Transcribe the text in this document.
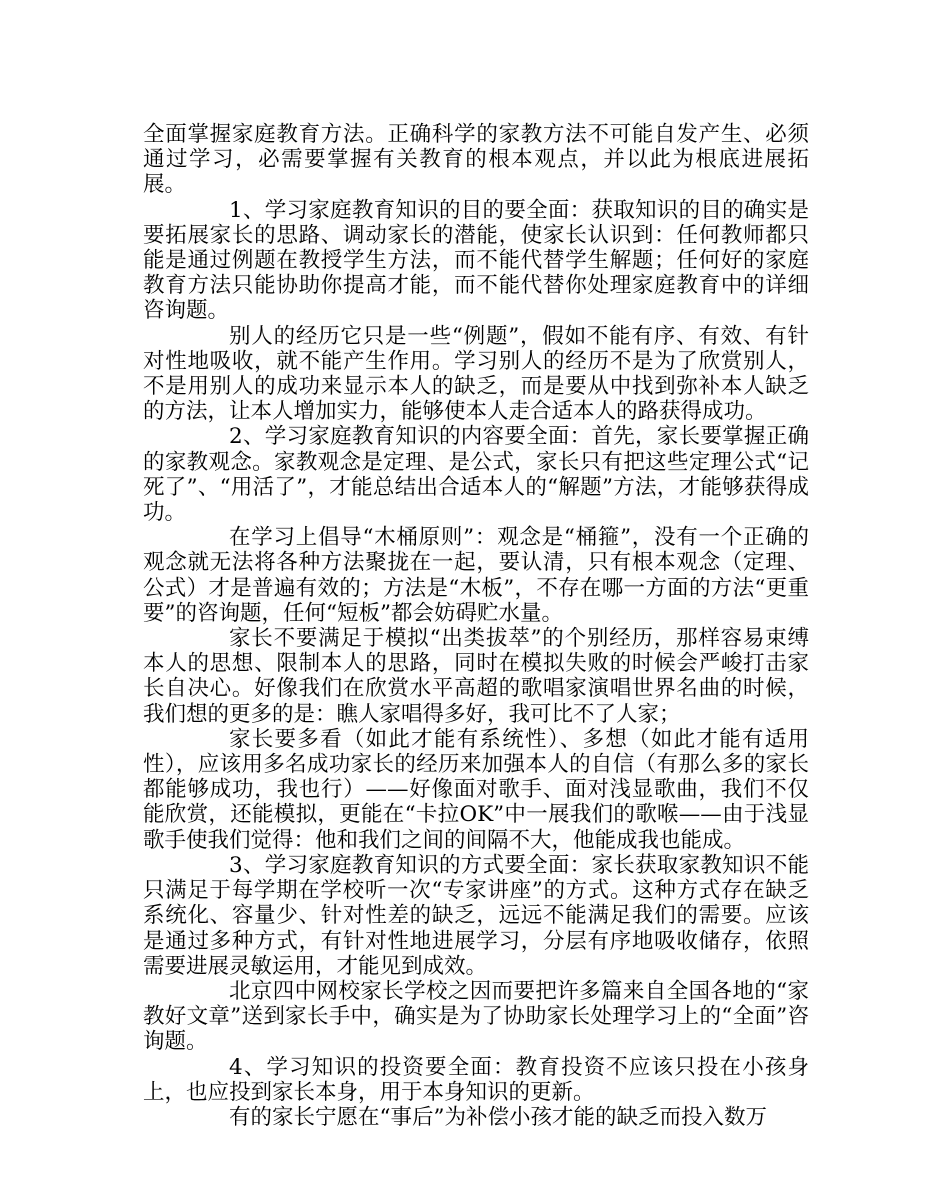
全面掌握家庭教育方法。正确科学的家教方法不可能自发产生、必须通过学习，必需要掌握有关教育的根本观点，并以此为根底进展拓展。

1、学习家庭教育知识的目的要全面：获取知识的目的确实是要拓展家长的思路、调动家长的潜能，使家长认识到：任何教师都只能是通过例题在教授学生方法，而不能代替学生解题；任何好的家庭教育方法只能协助你提高才能，而不能代替你处理家庭教育中的详细咨询题。

别人的经历它只是一些“例题”，假如不能有序、有效、有针对性地吸收，就不能产生作用。学习别人的经历不是为了欣赏别人，不是用别人的成功来显示本人的缺乏，而是要从中找到弥补本人缺乏的方法，让本人增加实力，能够使本人走合适本人的路获得成功。

2、学习家庭教育知识的内容要全面：首先，家长要掌握正确的家教观念。家教观念是定理、是公式，家长只有把这些定理公式“记死了”、“用活了”，才能总结出合适本人的“解题”方法，才能够获得成功。

在学习上倡导“木桶原则”：观念是“桶箍”，没有一个正确的观念就无法将各种方法聚拢在一起，要认清，只有根本观念（定理、公式）才是普遍有效的；方法是“木板”，不存在哪一方面的方法“更重要”的咨询题，任何“短板”都会妨碍贮水量。

家长不要满足于模拟“出类拔萃”的个别经历，那样容易束缚本人的思想、限制本人的思路，同时在模拟失败的时候会严峻打击家长自决心。好像我们在欣赏水平高超的歌唱家演唱世界名曲的时候，我们想的更多的是：瞧人家唱得多好，我可比不了人家；

家长要多看（如此才能有系统性）、多想（如此才能有适用性），应该用多名成功家长的经历来加强本人的自信（有那么多的家长都能够成功，我也行）——好像面对歌手、面对浅显歌曲，我们不仅能欣赏，还能模拟，更能在“卡拉OK”中一展我们的歌喉——由于浅显歌手使我们觉得：他和我们之间的间隔不大，他能成我也能成。

3、学习家庭教育知识的方式要全面：家长获取家教知识不能只满足于每学期在学校听一次“专家讲座”的方式。这种方式存在缺乏系统化、容量少、针对性差的缺乏，远远不能满足我们的需要。应该是通过多种方式，有针对性地进展学习，分层有序地吸收储存，依照需要进展灵敏运用，才能见到成效。

北京四中网校家长学校之因而要把许多篇来自全国各地的“家教好文章”送到家长手中，确实是为了协助家长处理学习上的“全面”咨询题。

4、学习知识的投资要全面：教育投资不应该只投在小孩身上，也应投到家长本身，用于本身知识的更新。

有的家长宁愿在“事后”为补偿小孩才能的缺乏而投入数万
